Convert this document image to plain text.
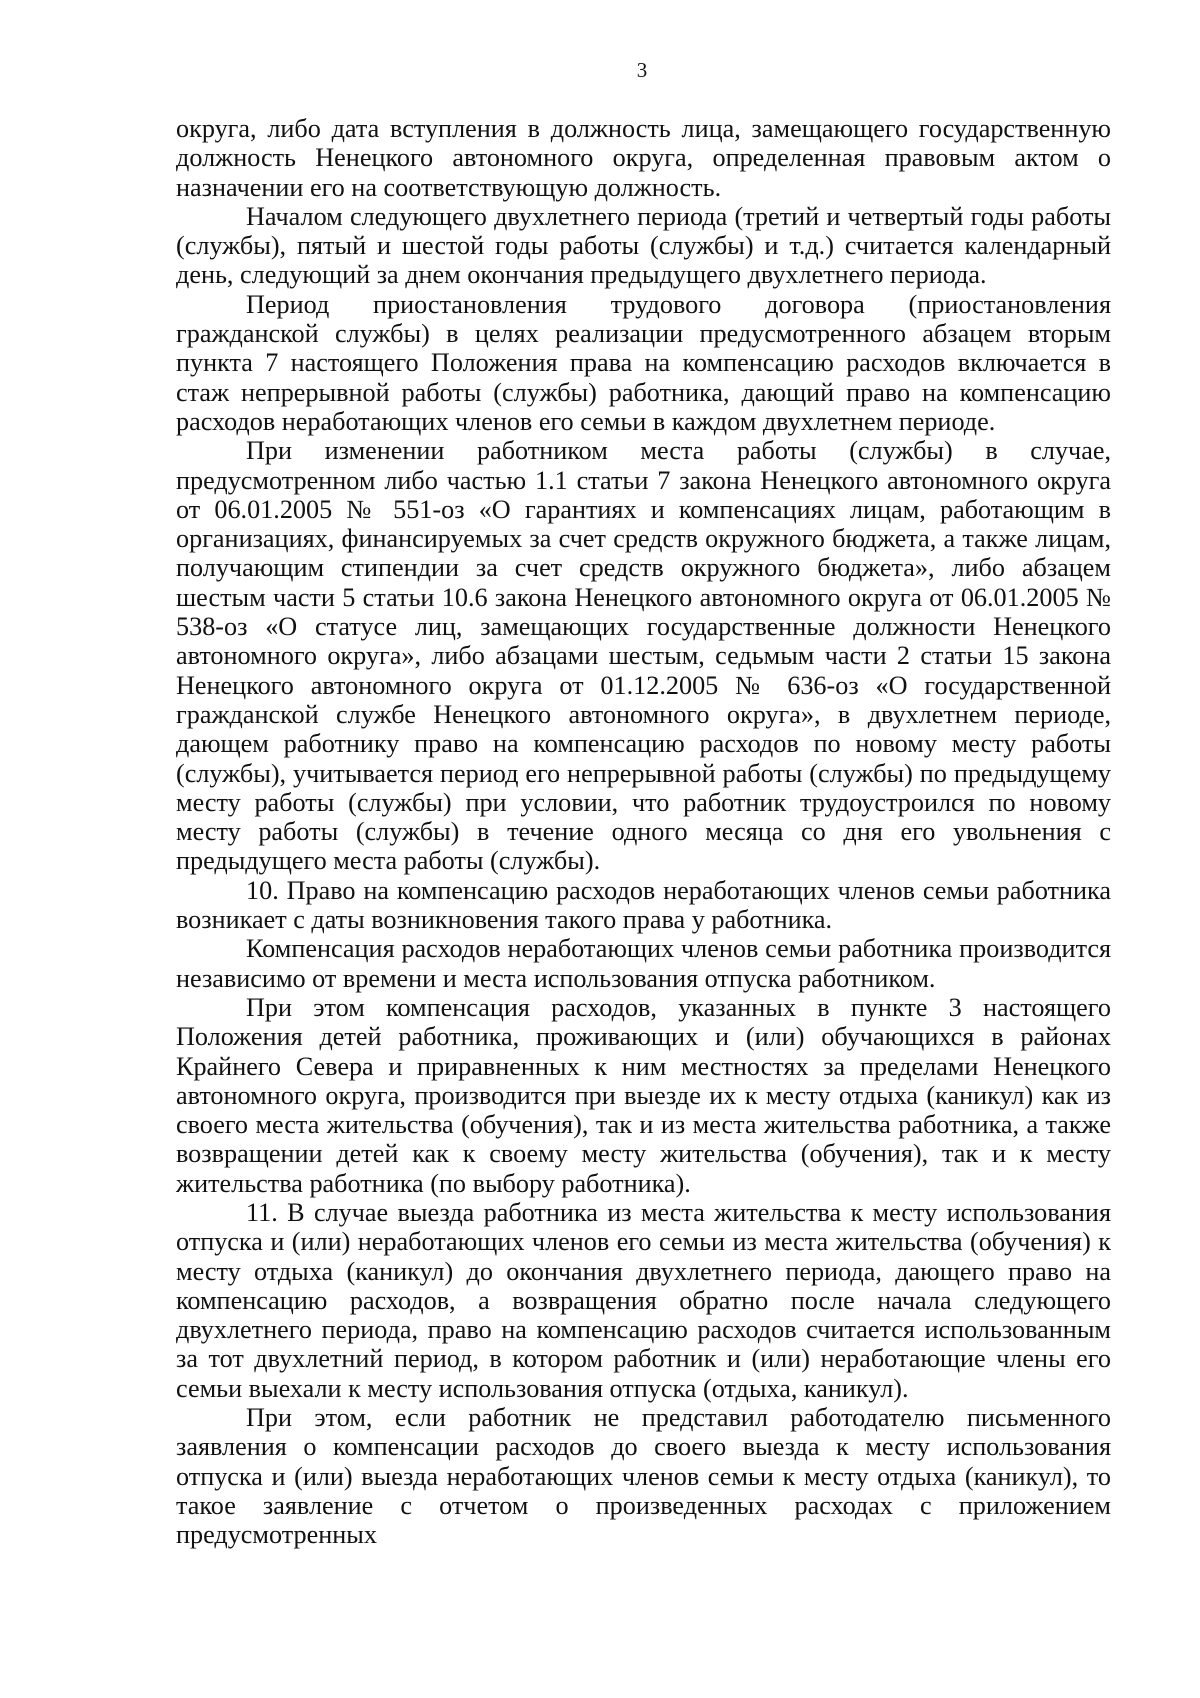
3

округа, либо дата вступления в должность лица, замещающего государственную должность Ненецкого автономного округа, определенная правовым актом о назначении его на соответствующую должность.

Началом следующего двухлетнего периода (третий и четвертый годы работы (службы), пятый и шестой годы работы (службы) и т.д.) считается календарный день, следующий за днем окончания предыдущего двухлетнего периода.

Период приостановления трудового договора (приостановления гражданской службы) в целях реализации предусмотренного абзацем вторым пункта 7 настоящего Положения права на компенсацию расходов включается в стаж непрерывной работы (службы) работника, дающий право на компенсацию расходов неработающих членов его семьи в каждом двухлетнем периоде.

При изменении работником места работы (службы) в случае, предусмотренном либо частью 1.1 статьи 7 закона Ненецкого автономного округа от 06.01.2005 № 551-оз «О гарантиях и компенсациях лицам, работающим в организациях, финансируемых за счет средств окружного бюджета, а также лицам, получающим стипендии за счет средств окружного бюджета», либо абзацем шестым части 5 статьи 10.6 закона Ненецкого автономного округа от 06.01.2005 № 538-оз «О статусе лиц, замещающих государственные должности Ненецкого автономного округа», либо абзацами шестым, седьмым части 2 статьи 15 закона Ненецкого автономного округа от 01.12.2005 № 636-оз «О государственной гражданской службе Ненецкого автономного округа», в двухлетнем периоде, дающем работнику право на компенсацию расходов по новому месту работы (службы), учитывается период его непрерывной работы (службы) по предыдущему месту работы (службы) при условии, что работник трудоустроился по новому месту работы (службы) в течение одного месяца со дня его увольнения с предыдущего места работы (службы).

10. Право на компенсацию расходов неработающих членов семьи работника возникает с даты возникновения такого права у работника.

Компенсация расходов неработающих членов семьи работника производится независимо от времени и места использования отпуска работником.

При этом компенсация расходов, указанных в пункте 3 настоящего Положения детей работника, проживающих и (или) обучающихся в районах Крайнего Севера и приравненных к ним местностях за пределами Ненецкого автономного округа, производится при выезде их к месту отдыха (каникул) как из своего места жительства (обучения), так и из места жительства работника, а также возвращении детей как к своему месту жительства (обучения), так и к месту жительства работника (по выбору работника).

11. В случае выезда работника из места жительства к месту использования отпуска и (или) неработающих членов его семьи из места жительства (обучения) к месту отдыха (каникул) до окончания двухлетнего периода, дающего право на компенсацию расходов, а возвращения обратно после начала следующего двухлетнего периода, право на компенсацию расходов считается использованным за тот двухлетний период, в котором работник и (или) неработающие члены его семьи выехали к месту использования отпуска (отдыха, каникул).

При этом, если работник не представил работодателю письменного заявления о компенсации расходов до своего выезда к месту использования отпуска и (или) выезда неработающих членов семьи к месту отдыха (каникул), то такое заявление с отчетом о произведенных расходах с приложением предусмотренных
